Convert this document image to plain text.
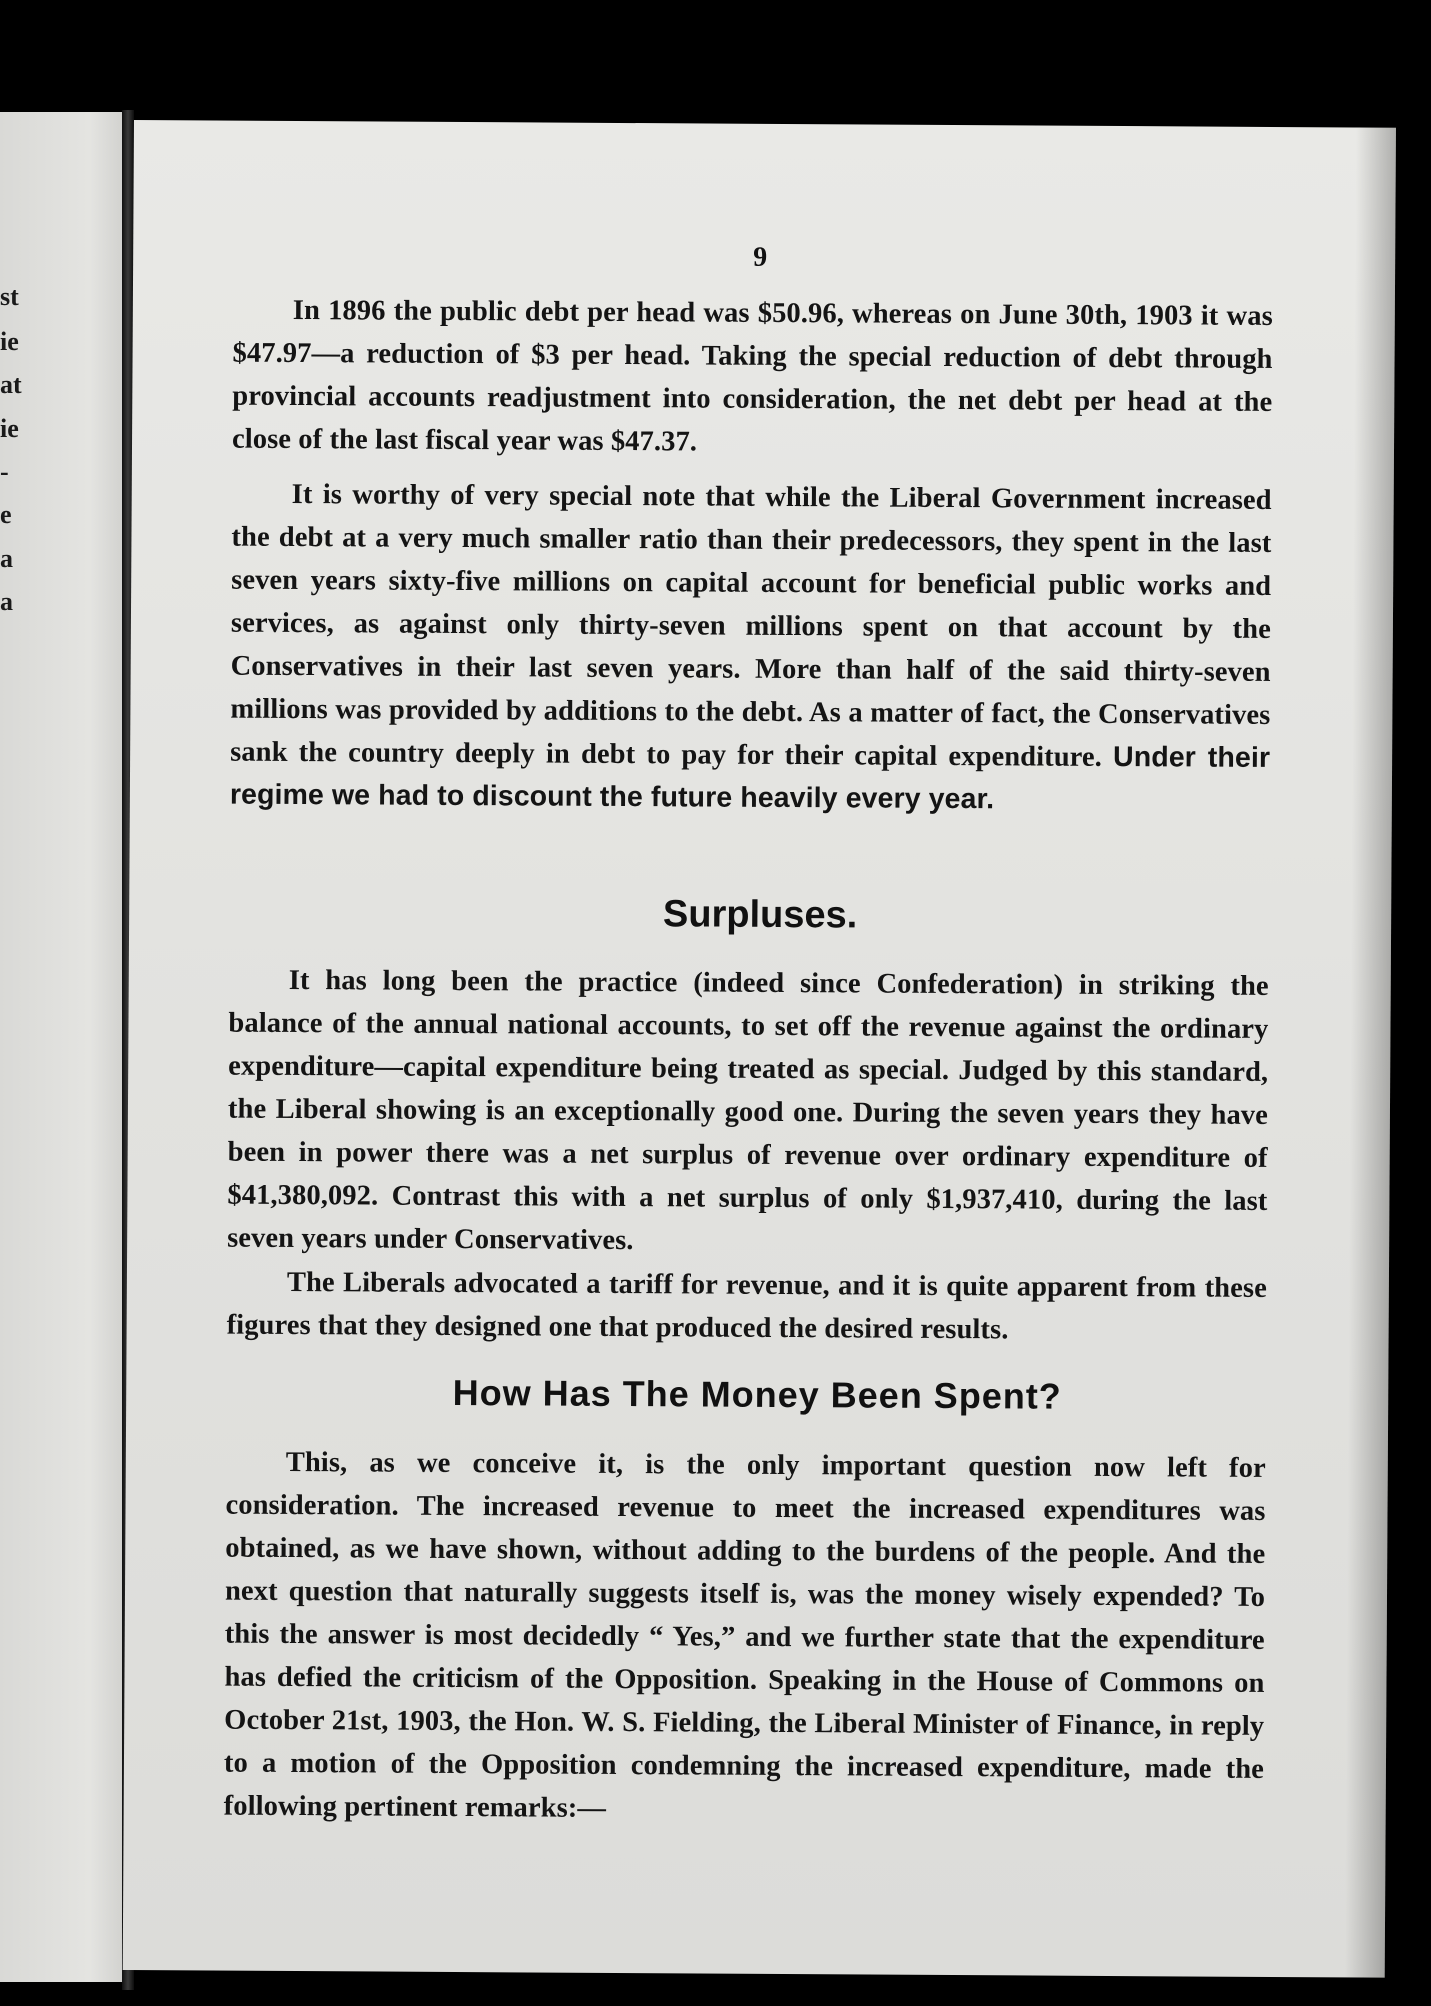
st
ie
at
ie
-
e
a
a
9

In 1896 the public debt per head was $50.96, whereas on June 30th, 1903 it was $47.97—a reduction of $3 per head. Taking the special reduction of debt through provincial accounts readjustment into consideration, the net debt per head at the close of the last fiscal year was $47.37.

It is worthy of very special note that while the Liberal Government increased the debt at a very much smaller ratio than their predecessors, they spent in the last seven years sixty-five millions on capital account for beneficial public works and services, as against only thirty-seven millions spent on that account by the Conservatives in their last seven years. More than half of the said thirty-seven millions was provided by additions to the debt. As a matter of fact, the Conservatives sank the country deeply in debt to pay for their capital expenditure. Under their regime we had to discount the future heavily every year.

Surpluses.

It has long been the practice (indeed since Confederation) in striking the balance of the annual national accounts, to set off the revenue against the ordinary expenditure—capital expenditure being treated as special. Judged by this standard, the Liberal showing is an exceptionally good one. During the seven years they have been in power there was a net surplus of revenue over ordinary expenditure of $41,380,092. Contrast this with a net surplus of only $1,937,410, during the last seven years under Conservatives.

The Liberals advocated a tariff for revenue, and it is quite apparent from these figures that they designed one that produced the desired results.

How Has The Money Been Spent?

This, as we conceive it, is the only important question now left for consideration. The increased revenue to meet the increased expenditures was obtained, as we have shown, without adding to the burdens of the people. And the next question that naturally suggests itself is, was the money wisely expended? To this the answer is most decidedly “ Yes,” and we further state that the expenditure has defied the criticism of the Opposition. Speaking in the House of Commons on October 21st, 1903, the Hon. W. S. Fielding, the Liberal Minister of Finance, in reply to a motion of the Opposition condemning the increased expenditure, made the following pertinent remarks:—
